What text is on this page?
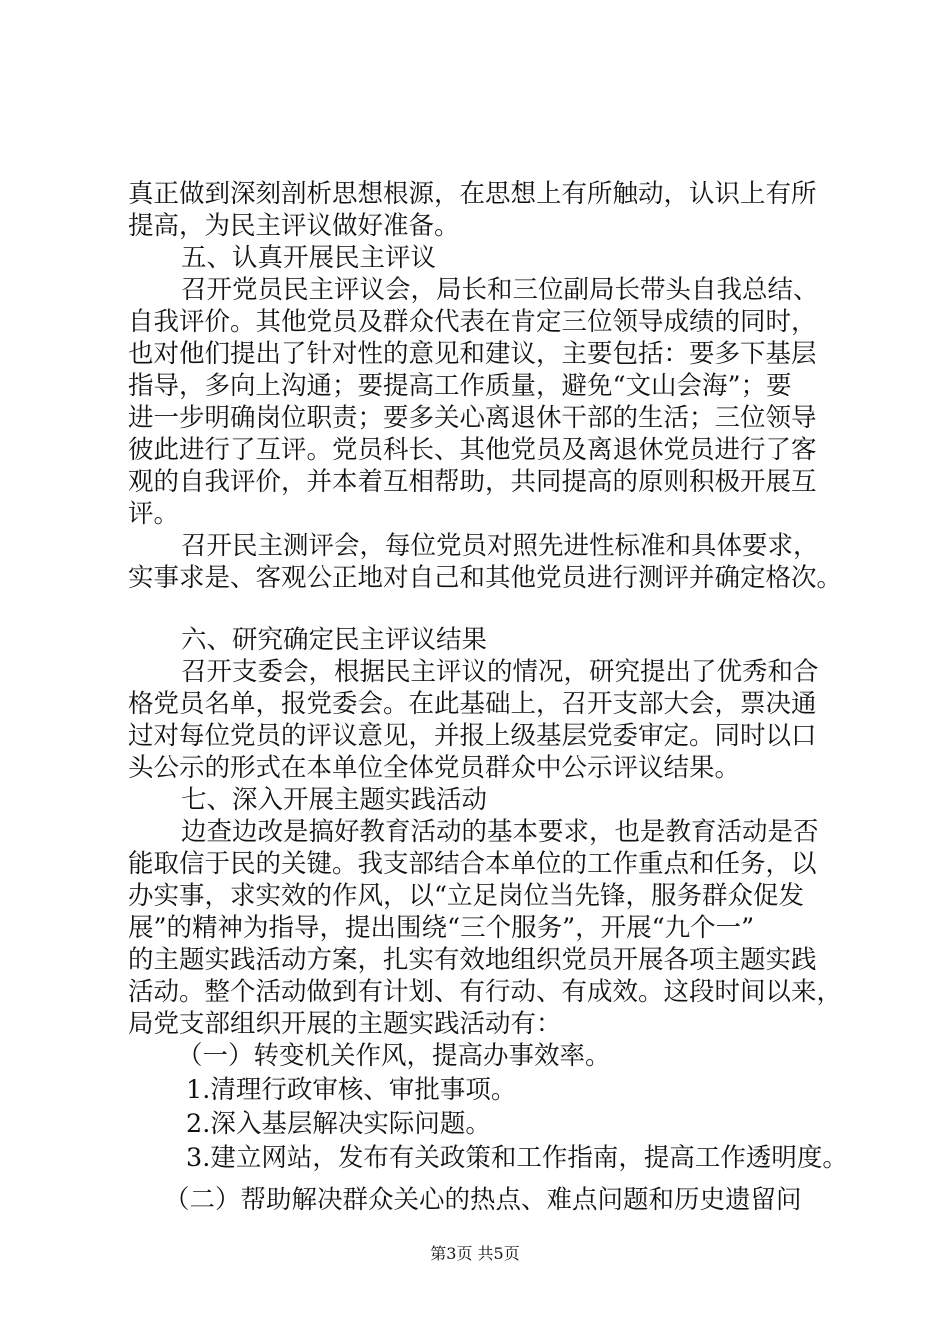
真正做到深刻剖析思想根源，在思想上有所触动，认识上有所
提高，为民主评议做好准备。
五、认真开展民主评议
召开党员民主评议会，局长和三位副局长带头自我总结、
自我评价。其他党员及群众代表在肯定三位领导成绩的同时，
也对他们提出了针对性的意见和建议，主要包括：要多下基层
指导，多向上沟通；要提高工作质量，避免“文山会海”；要
进一步明确岗位职责；要多关心离退休干部的生活；三位领导
彼此进行了互评。党员科长、其他党员及离退休党员进行了客
观的自我评价，并本着互相帮助，共同提高的原则积极开展互
评。
召开民主测评会，每位党员对照先进性标准和具体要求，
实事求是、客观公正地对自己和其他党员进行测评并确定格次。
六、研究确定民主评议结果
召开支委会，根据民主评议的情况，研究提出了优秀和合
格党员名单，报党委会。在此基础上，召开支部大会，票决通
过对每位党员的评议意见，并报上级基层党委审定。同时以口
头公示的形式在本单位全体党员群众中公示评议结果。
七、深入开展主题实践活动
边查边改是搞好教育活动的基本要求，也是教育活动是否
能取信于民的关键。我支部结合本单位的工作重点和任务，以
办实事，求实效的作风，以“立足岗位当先锋，服务群众促发
展”的精神为指导，提出围绕“三个服务”，开展“九个一”
的主题实践活动方案，扎实有效地组织党员开展各项主题实践
活动。整个活动做到有计划、有行动、有成效。这段时间以来，
局党支部组织开展的主题实践活动有：
（一）转变机关作风，提高办事效率。
1.清理行政审核、审批事项。
2.深入基层解决实际问题。
3.建立网站，发布有关政策和工作指南，提高工作透明度。
（二）帮助解决群众关心的热点、难点问题和历史遗留问
第3页 共5页
